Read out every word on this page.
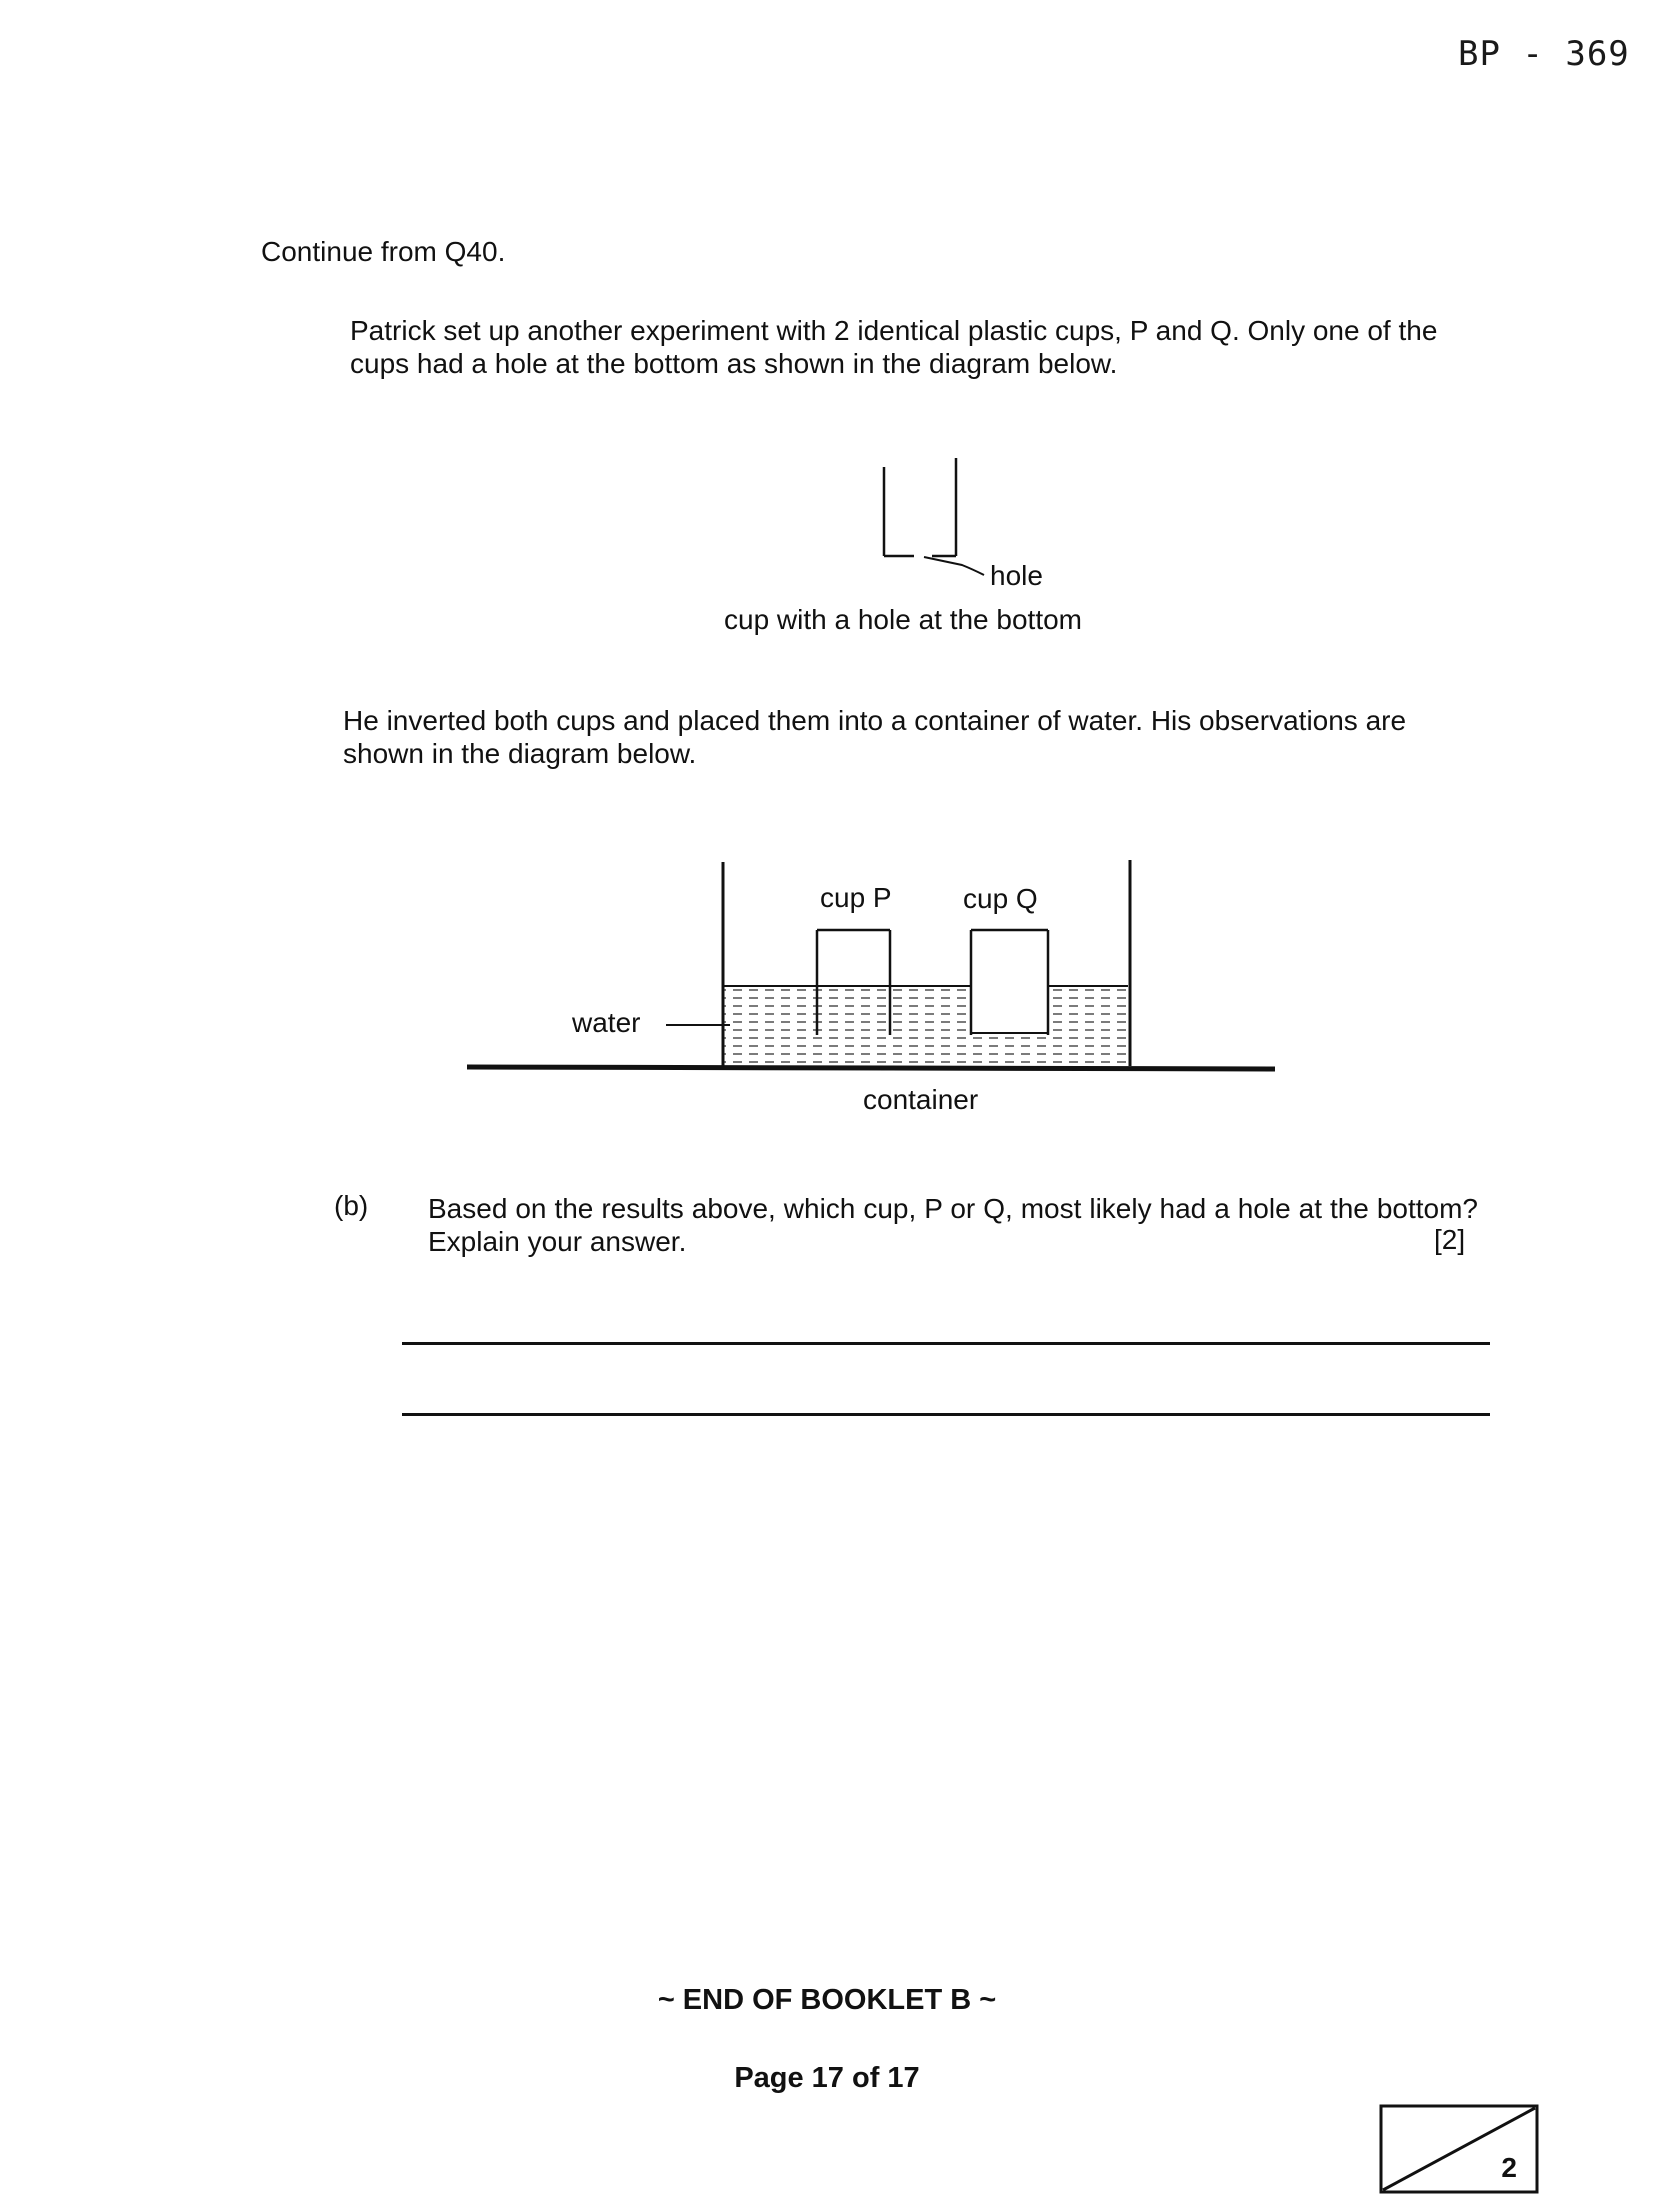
BP - 369
Continue from Q40.
Patrick set up another experiment with 2 identical plastic cups, P and Q. Only one of the cups had a hole at the bottom as shown in the diagram below.
hole
cup with a hole at the bottom
He inverted both cups and placed them into a container of water. His observations are shown in the diagram below.
cup P	cup Q
water
container
(b) Based on the results above, which cup, P or Q, most likely had a hole at the bottom? Explain your answer.	[2]
~ END OF BOOKLET B ~
Page 17 of 17
2
